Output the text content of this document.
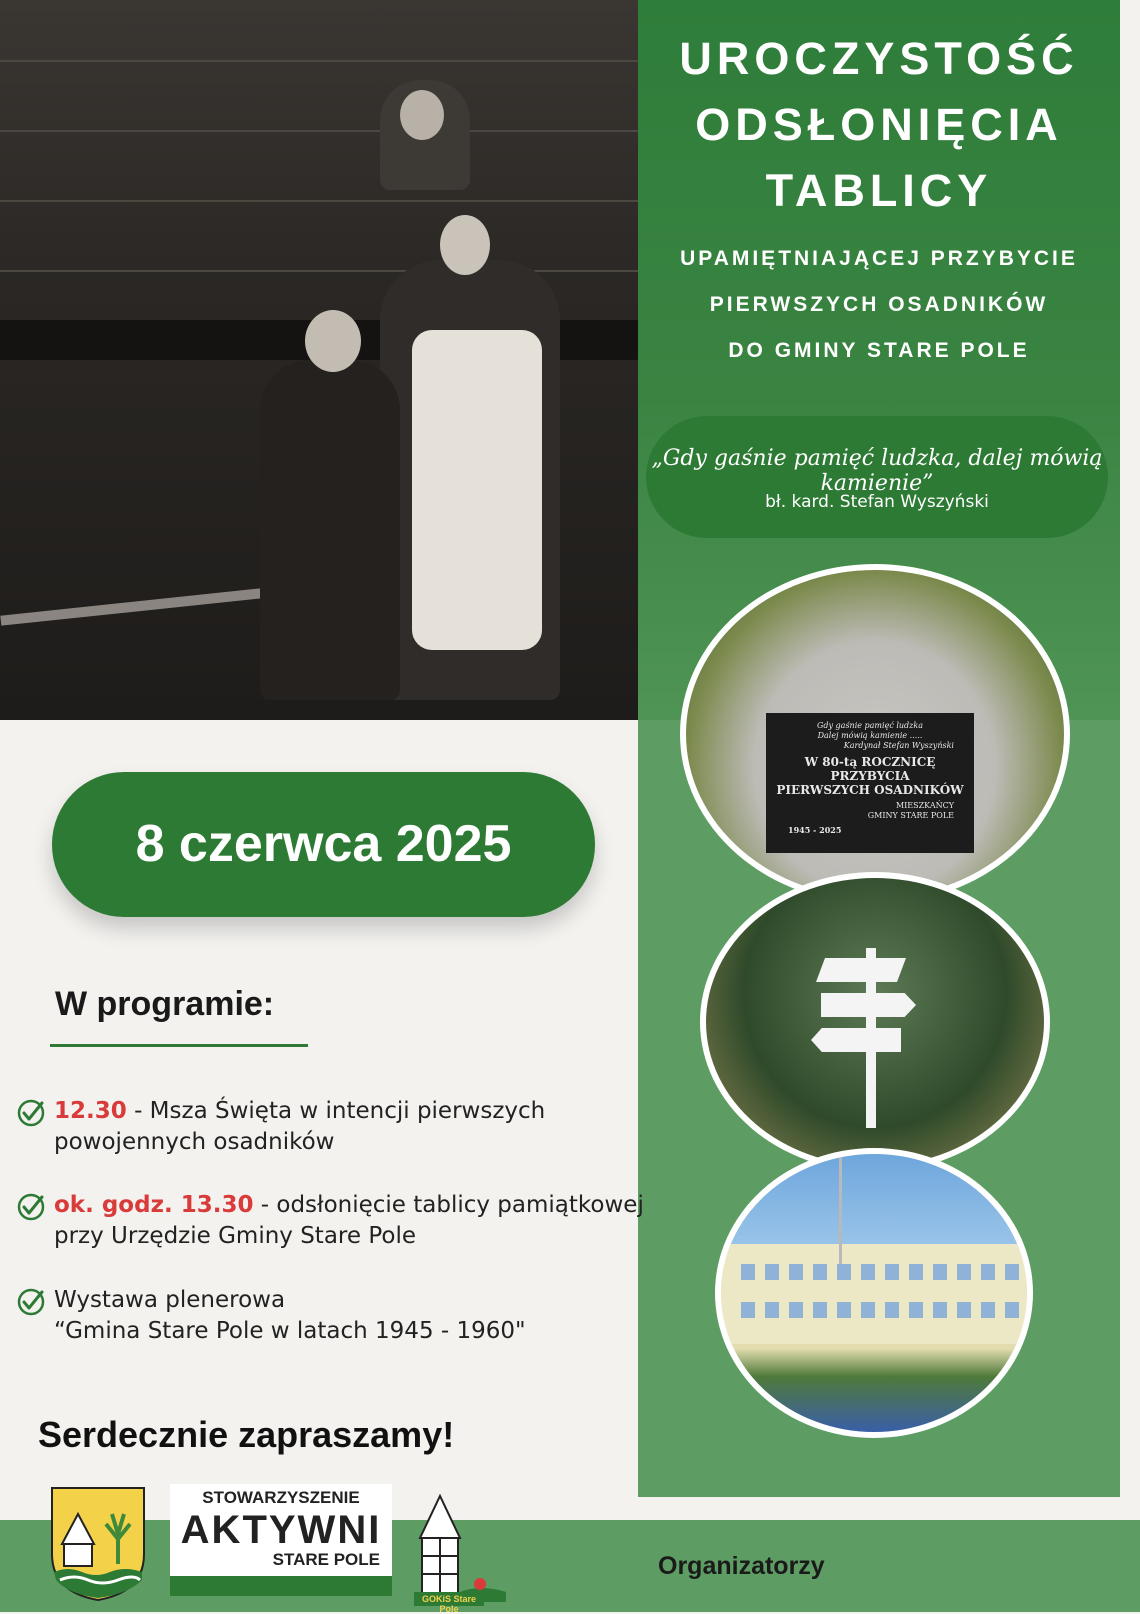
UROCZYSTOŚĆ
ODSŁONIĘCIA
TABLICY
UPAMIĘTNIAJĄCEJ PRZYBYCIE
PIERWSZYCH OSADNIKÓW
DO GMINY STARE POLE
„Gdy gaśnie pamięć ludzka, dalej mówią kamienie”
bł. kard. Stefan Wyszyński
Gdy gaśnie pamięć ludzka
Dalej mówią kamienie .....
Kardynał Stefan Wyszyński
W 80-tą ROCZNICĘ
PRZYBYCIA
PIERWSZYCH OSADNIKÓW
MIESZKAŃCY
GMINY STARE POLE
1945 - 2025
8 czerwca 2025
W programie:
12.30 - Msza Święta w intencji pierwszych
powojennych osadników
ok. godz. 13.30 - odsłonięcie tablicy pamiątkowej
przy Urzędzie Gminy Stare Pole
Wystawa plenerowa
“Gmina Stare Pole w latach 1945 - 1960"
Serdecznie zapraszamy!
Organizatorzy
STOWARZYSZENIE
AKTYWNI
STARE POLE
GOKiS Stare Pole
